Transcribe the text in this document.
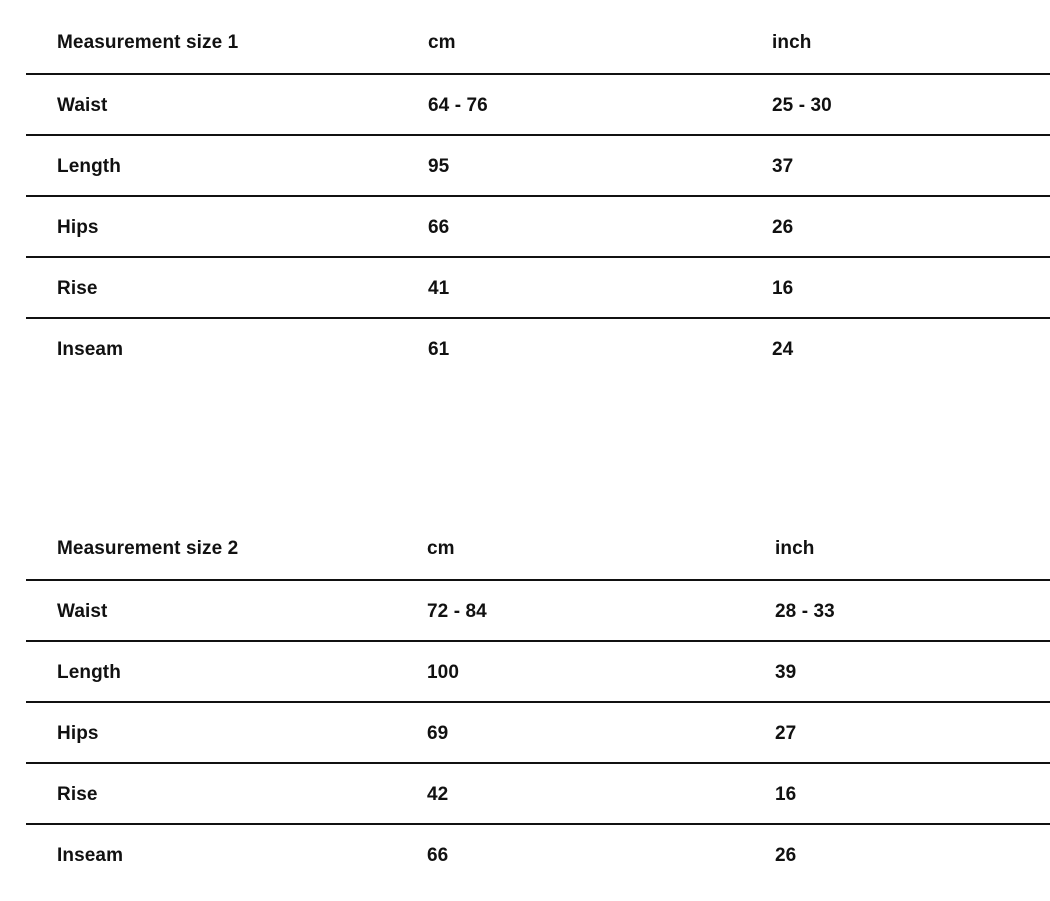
Measurement size 1	cm	inch
Waist	64 - 76	25 - 30
Length	95	37
Hips	66	26
Rise	41	16
Inseam	61	24
Measurement size 2	cm	inch
Waist	72 - 84	28 - 33
Length	100	39
Hips	69	27
Rise	42	16
Inseam	66	26
